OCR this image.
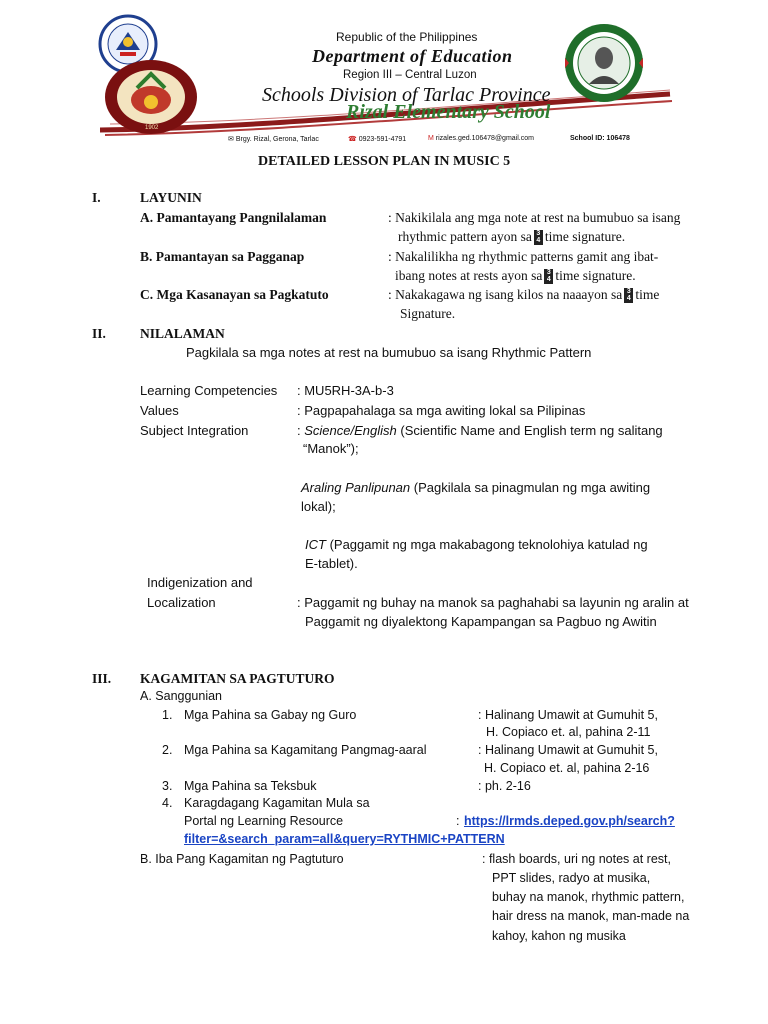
1902
Republic of the Philippines
Department of Education
Region III – Central Luzon
Schools Division of Tarlac Province
Rizal Elementary School
✉ Brgy. Rizal, Gerona, Tarlac	☎ 0923-591-4791	M rizales.ged.106478@gmail.com	School ID: 106478
DETAILED LESSON PLAN IN MUSIC 5
I.	LAYUNIN
A. Pamantayang Pangnilalaman	: Nakikilala ang mga note at rest na bumubuo sa isang
rhythmic pattern ayon sa 3
4 time signature.
B. Pamantayan sa Pagganap	: Nakalilikha ng rhythmic patterns gamit ang ibat-
ibang notes at rests ayon sa 3
4 time signature.
C. Mga Kasanayan sa Pagkatuto	: Nakakagawa ng isang kilos na naaayon sa 3
4 time
Signature.
II.	NILALAMAN
Pagkilala sa mga notes at rest na bumubuo sa isang Rhythmic Pattern
Learning Competencies : MU5RH-3A-b-3
Values	: Pagpapahalaga sa mga awiting lokal sa Pilipinas
Subject Integration	: Science/English (Scientific Name and English term ng salitang
“Manok”);
Araling Panlipunan (Pagkilala sa pinagmulan ng mga awiting
lokal);
ICT (Paggamit ng mga makabagong teknolohiya katulad ng
E-tablet).
Indigenization and
Localization	: Paggamit ng buhay na manok sa paghahabi sa layunin ng aralin at
Paggamit ng diyalektong Kapampangan sa Pagbuo ng Awitin
III. KAGAMITAN SA PAGTUTURO
A. Sanggunian
1. Mga Pahina sa Gabay ng Guro	: Halinang Umawit at Gumuhit 5,
H. Copiaco et. al, pahina 2-11
2. Mga Pahina sa Kagamitang Pangmag-aaral	: Halinang Umawit at Gumuhit 5,
H. Copiaco et. al, pahina 2-16
3. Mga Pahina sa Teksbuk	: ph. 2-16
4. Karagdagang Kagamitan Mula sa
Portal ng Learning Resource	: https://lrmds.deped.gov.ph/search?
filter=&search_param=all&query=RYTHMIC+PATTERN
B. Iba Pang Kagamitan ng Pagtuturo	: flash boards, uri ng notes at rest,
PPT slides, radyo at musika,
buhay na manok, rhythmic pattern,
hair dress na manok, man-made na
kahoy, kahon ng musika
